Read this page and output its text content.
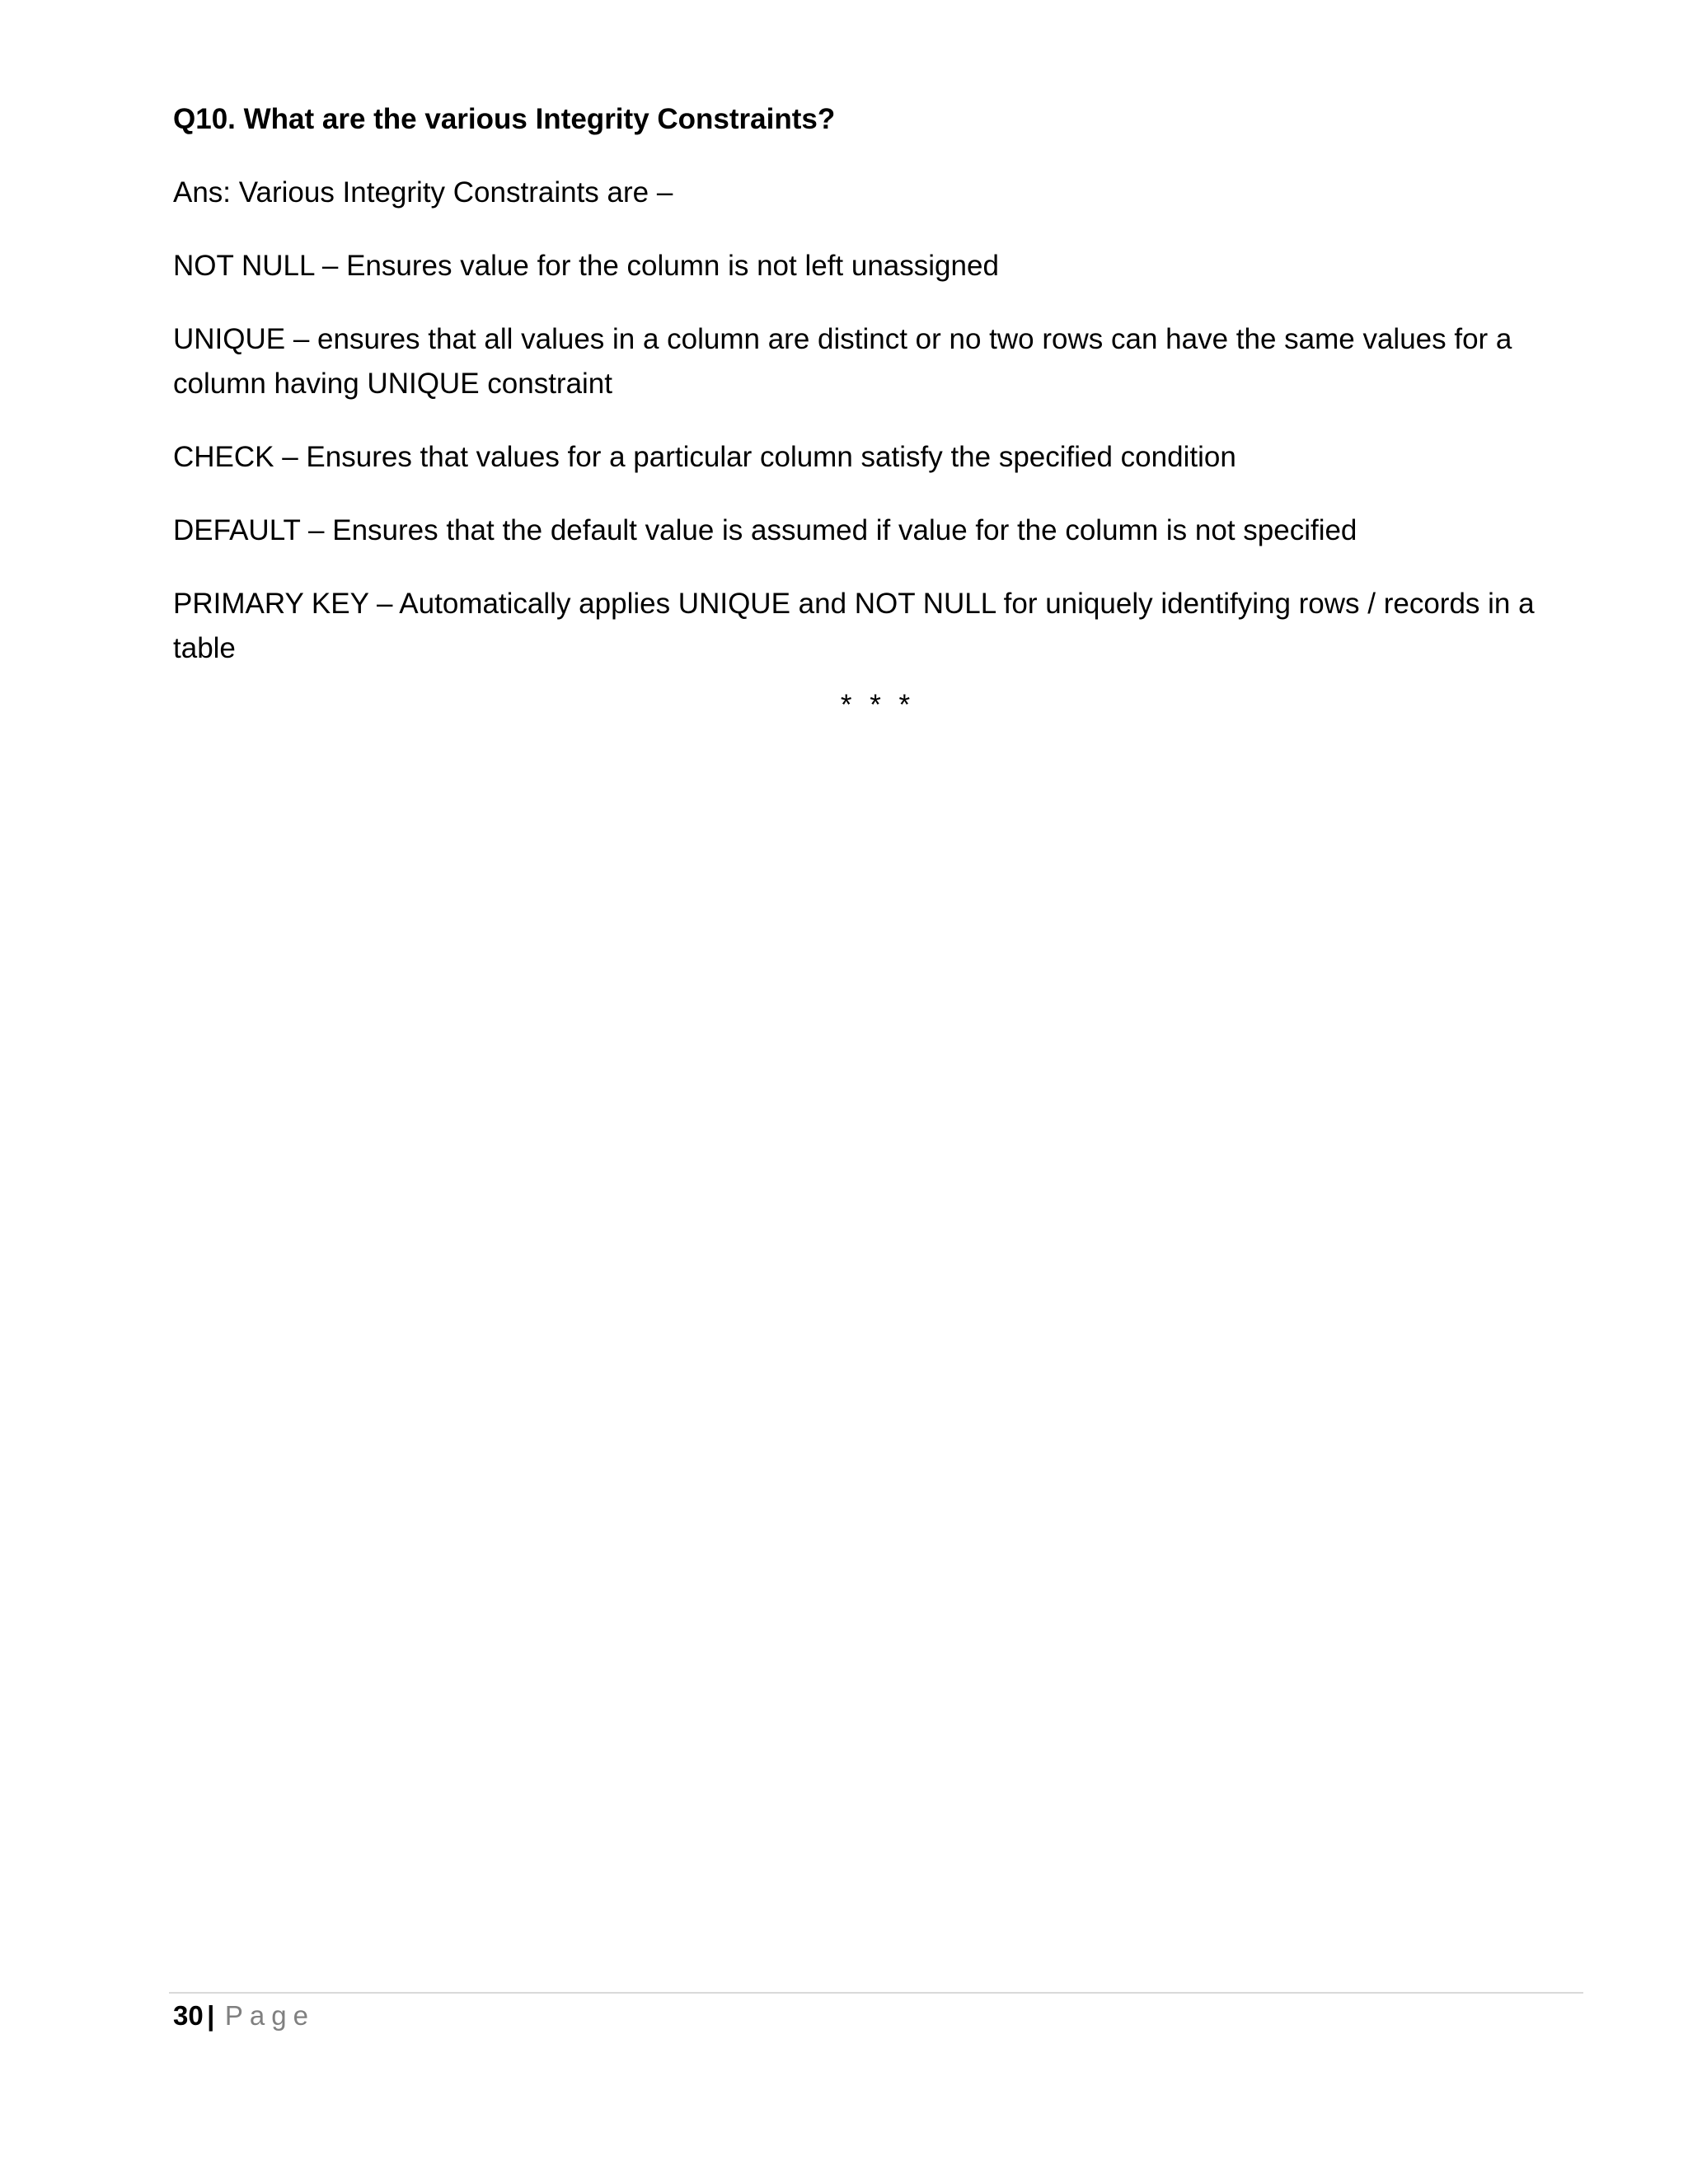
Q10. What are the various Integrity Constraints?

Ans: Various Integrity Constraints are –

NOT NULL – Ensures value for the column is not left unassigned

UNIQUE – ensures that all values in a column are distinct or no two rows can have the same values for a column having UNIQUE constraint

CHECK – Ensures that values for a particular column satisfy the specified condition

DEFAULT – Ensures that the default value is assumed if value for the column is not specified

PRIMARY KEY – Automatically applies UNIQUE and NOT NULL for uniquely identifying rows / records in a table

* * *
30 | Page
